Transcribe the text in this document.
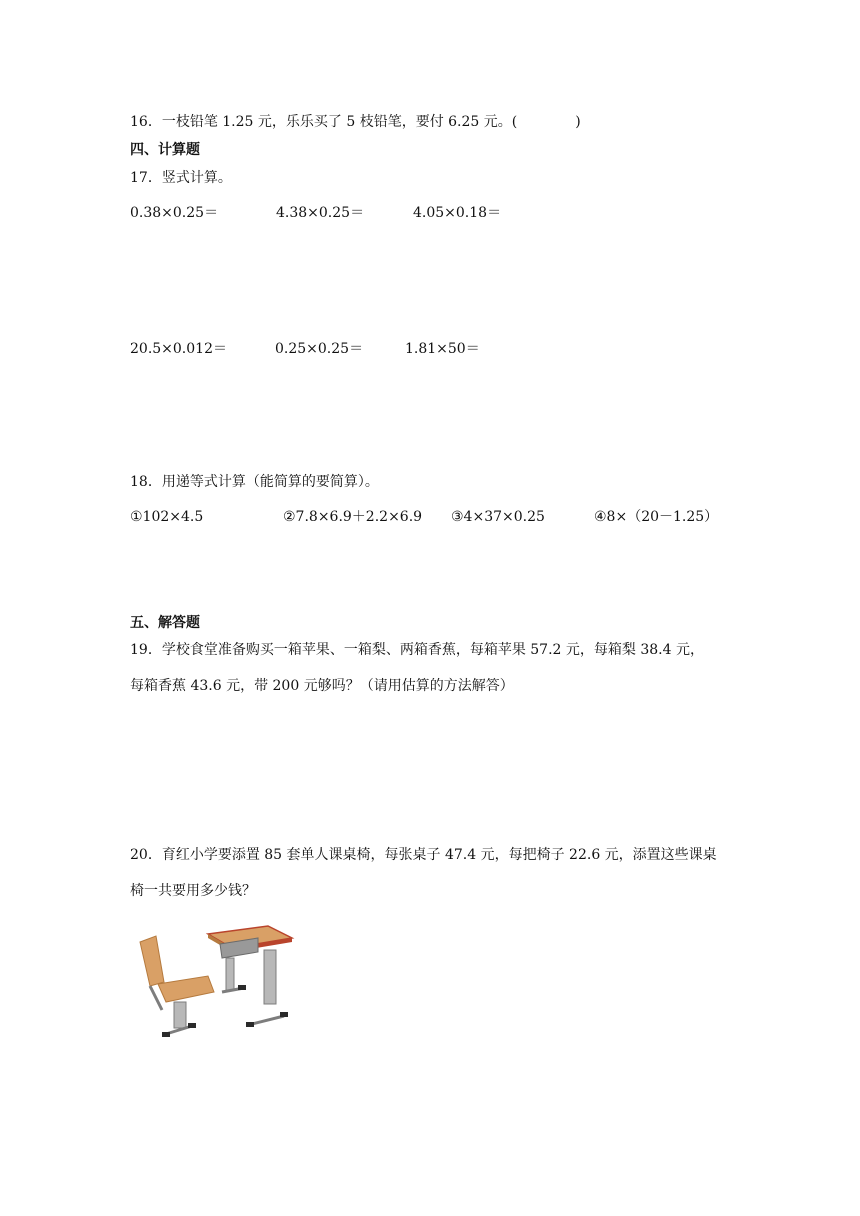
16．一枝铅笔 1.25 元，乐乐买了 5 枝铅笔，要付 6.25 元。(	)
四、计算题
17．竖式计算。
0.38×0.25＝	4.38×0.25＝	4.05×0.18＝
20.5×0.012＝	0.25×0.25＝	1.81×50＝
18．用递等式计算（能简算的要简算）。
①102×4.5	②7.8×6.9＋2.2×6.9 ③4×37×0.25	④8×（20－1.25）
五、解答题
19．学校食堂准备购买一箱苹果、一箱梨、两箱香蕉，每箱苹果 57.2 元，每箱梨 38.4 元，
每箱香蕉 43.6 元，带 200 元够吗？（请用估算的方法解答）
20．育红小学要添置 85 套单人课桌椅，每张桌子 47.4 元，每把椅子 22.6 元，添置这些课桌
椅一共要用多少钱？
